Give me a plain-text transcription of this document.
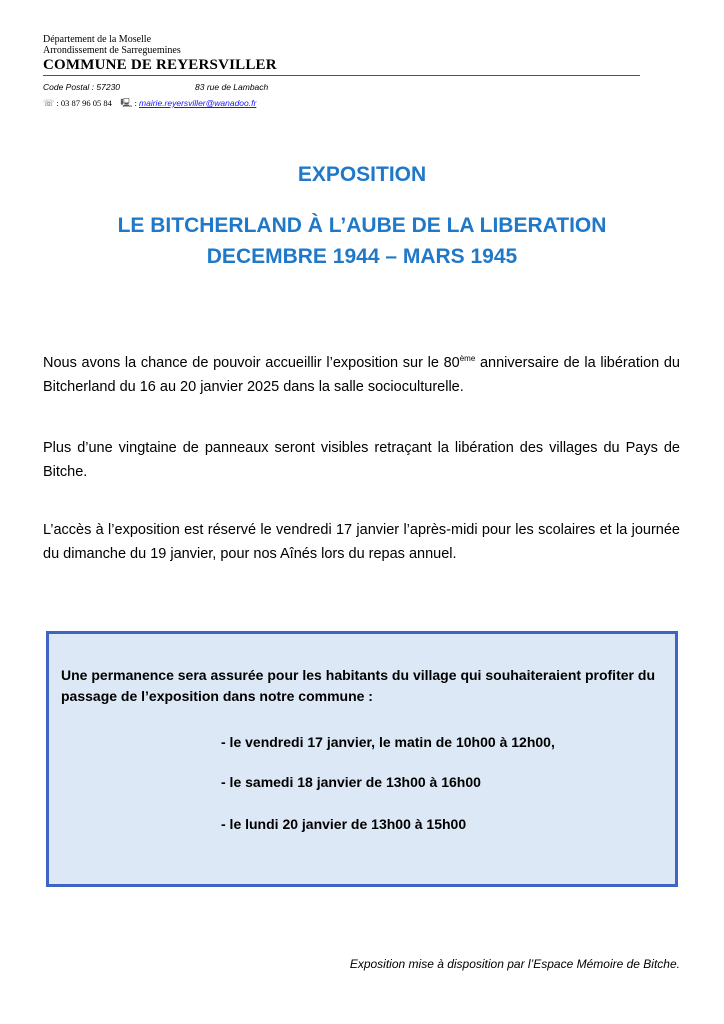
Département de la Moselle
Arrondissement de Sarreguemines
COMMUNE DE REYERSVILLER
Code Postal : 57230	83 rue de Lambach
☏ : 03 87 96 05 84 🖳 : mairie.reyersviller@wanadoo.fr
EXPOSITION
LE BITCHERLAND À L’AUBE DE LA LIBERATION
DECEMBRE 1944 – MARS 1945
Nous avons la chance de pouvoir accueillir l’exposition sur le 80ème anniversaire de la libération du Bitcherland du 16 au 20 janvier 2025 dans la salle socioculturelle.
Plus d’une vingtaine de panneaux seront visibles retraçant la libération des villages du Pays de Bitche.
L’accès à l’exposition est réservé le vendredi 17 janvier l’après-midi pour les scolaires et la journée du dimanche du 19 janvier, pour nos Aînés lors du repas annuel.
Une permanence sera assurée pour les habitants du village qui souhaiteraient profiter du passage de l’exposition dans notre commune :
- le vendredi 17 janvier, le matin de 10h00 à 12h00,
- le samedi 18 janvier de 13h00 à 16h00
- le lundi 20 janvier de 13h00 à 15h00
Exposition mise à disposition par l’Espace Mémoire de Bitche.
